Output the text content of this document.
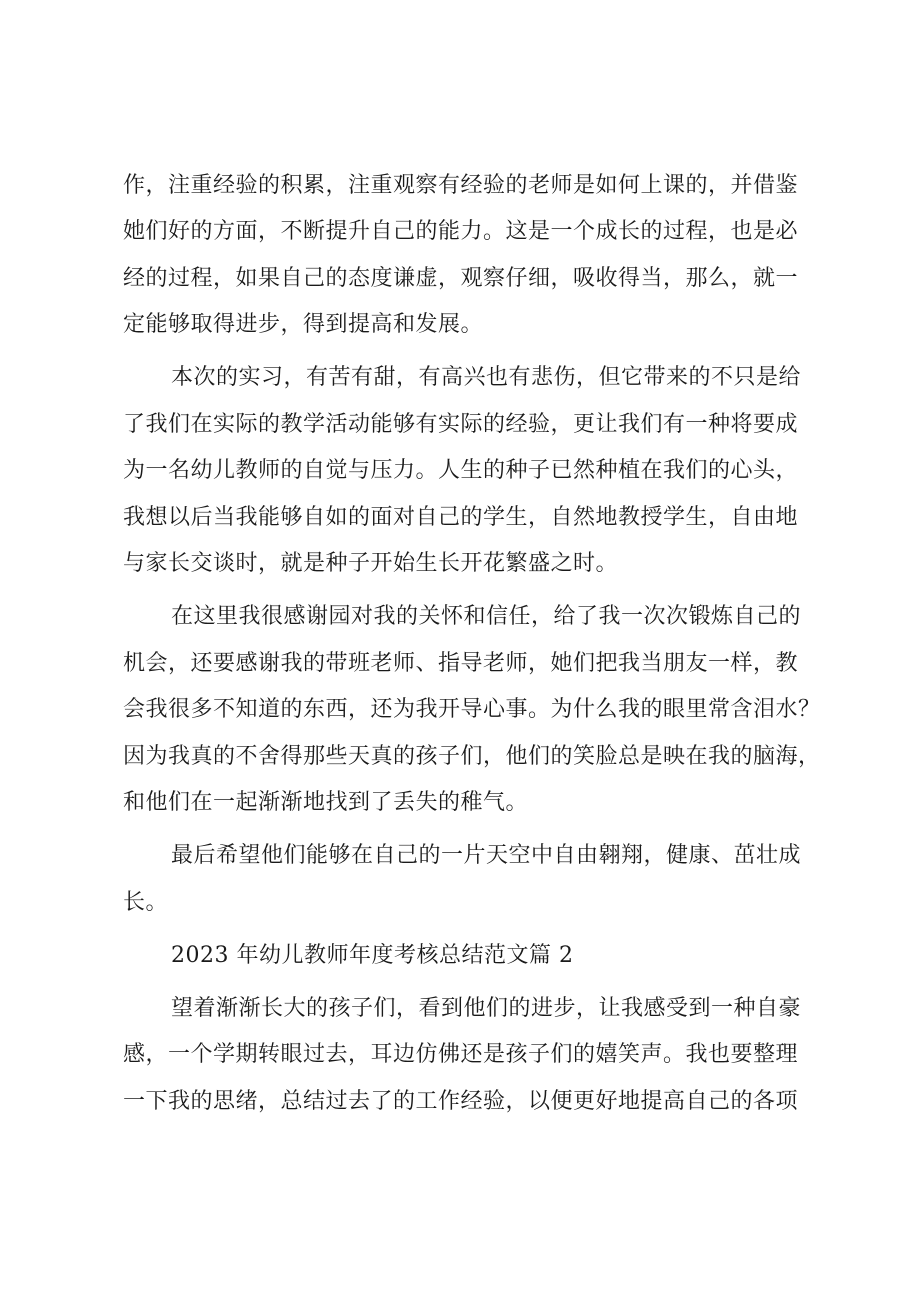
作，注重经验的积累，注重观察有经验的老师是如何上课的，并借鉴
她们好的方面，不断提升自己的能力。这是一个成长的过程，也是必
经的过程，如果自己的态度谦虚，观察仔细，吸收得当，那么，就一
定能够取得进步，得到提高和发展。
本次的实习，有苦有甜，有高兴也有悲伤，但它带来的不只是给
了我们在实际的教学活动能够有实际的经验，更让我们有一种将要成
为一名幼儿教师的自觉与压力。人生的种子已然种植在我们的心头，
我想以后当我能够自如的面对自己的学生，自然地教授学生，自由地
与家长交谈时，就是种子开始生长开花繁盛之时。
在这里我很感谢园对我的关怀和信任，给了我一次次锻炼自己的
机会，还要感谢我的带班老师、指导老师，她们把我当朋友一样，教
会我很多不知道的东西，还为我开导心事。为什么我的眼里常含泪水？
因为我真的不舍得那些天真的孩子们，他们的笑脸总是映在我的脑海，
和他们在一起渐渐地找到了丢失的稚气。
最后希望他们能够在自己的一片天空中自由翱翔，健康、茁壮成
长。
2023 年幼儿教师年度考核总结范文篇 2
望着渐渐长大的孩子们，看到他们的进步，让我感受到一种自豪
感，一个学期转眼过去，耳边仿佛还是孩子们的嬉笑声。我也要整理
一下我的思绪，总结过去了的工作经验，以便更好地提高自己的各项
